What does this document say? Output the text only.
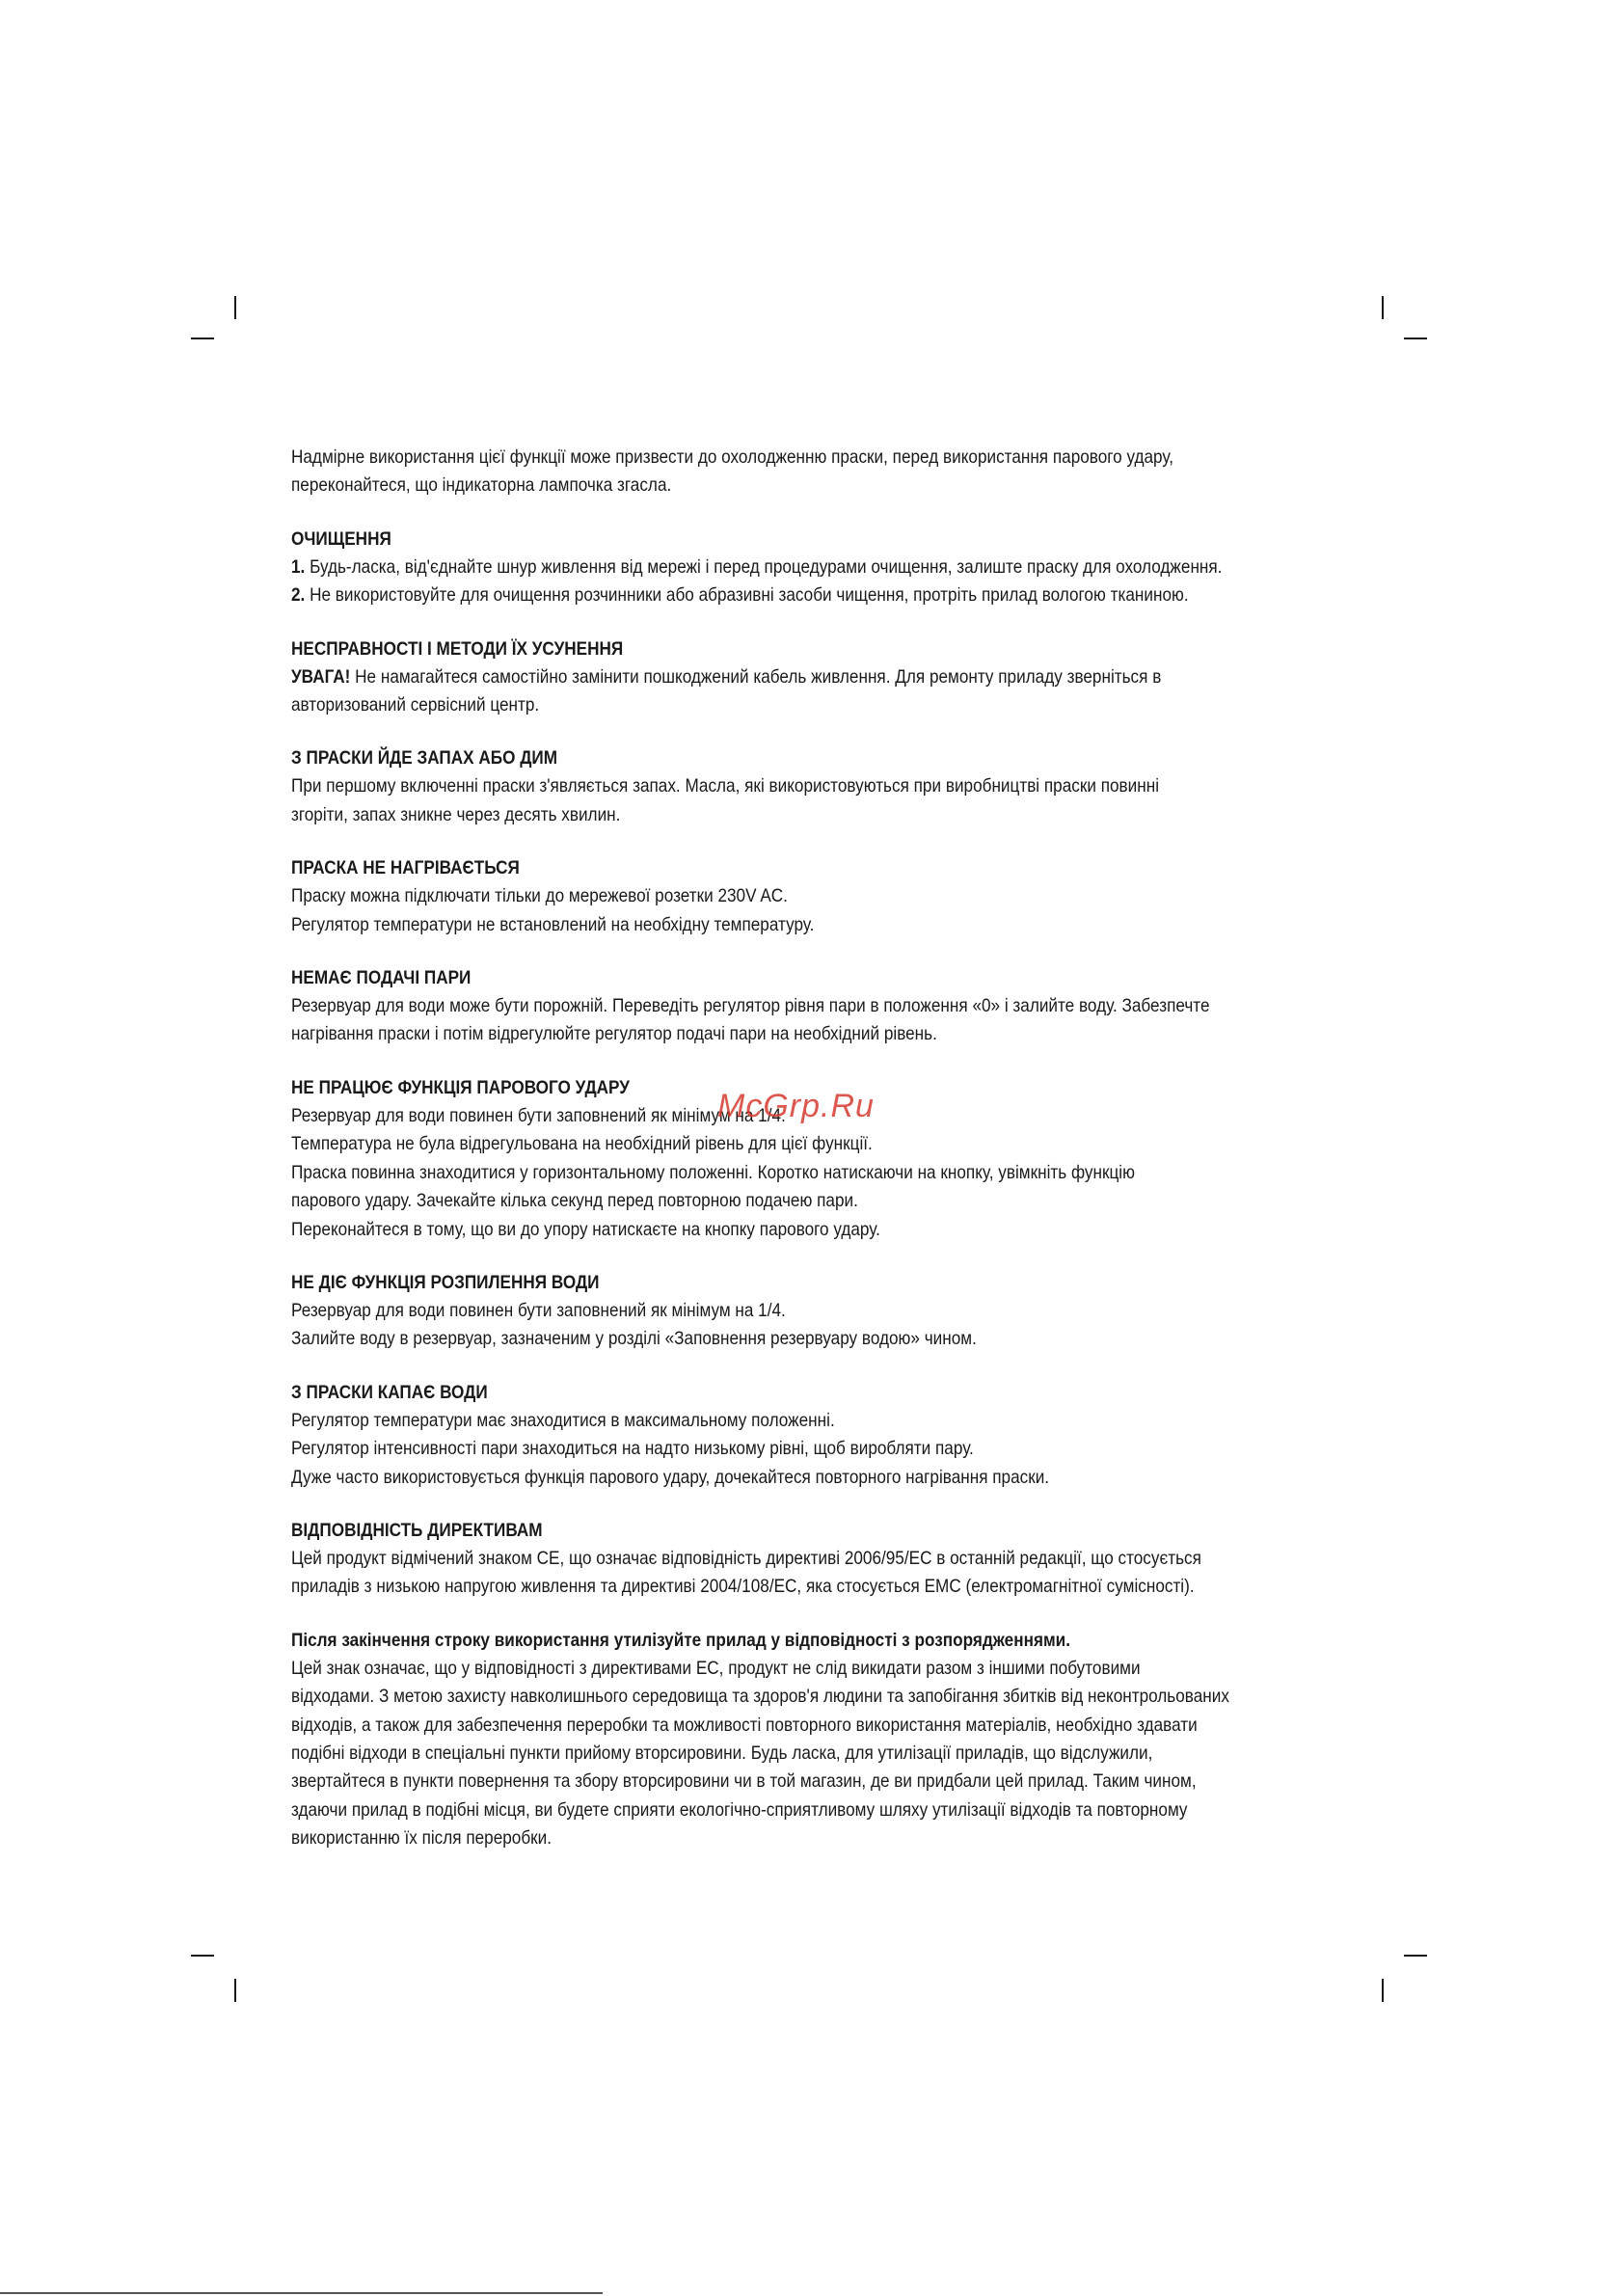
Надмірне використання цієї функції може призвести до охолодженню праски, перед використання парового удару,
переконайтеся, що індикаторна лампочка згасла.
ОЧИЩЕННЯ
1. Будь-ласка, від'єднайте шнур живлення від мережі і перед процедурами очищення, залиште праску для охолодження.
2. Не використовуйте для очищення розчинники або абразивні засоби чищення, протріть прилад вологою тканиною.
НЕСПРАВНОСТІ І МЕТОДИ ЇХ УСУНЕННЯ
УВАГА! Не намагайтеся самостійно замінити пошкоджений кабель живлення. Для ремонту приладу зверніться в
авторизований сервісний центр.
З ПРАСКИ ЙДЕ ЗАПАХ АБО ДИМ
При першому включенні праски з'являється запах. Масла, які використовуються при виробництві праски повинні
згоріти, запах зникне через десять хвилин.
ПРАСКА НЕ НАГРІВАЄТЬСЯ
Праску можна підключати тільки до мережевої розетки 230V AC.
Регулятор температури не встановлений на необхідну температуру.
НЕМАЄ ПОДАЧІ ПАРИ
Резервуар для води може бути порожній. Переведіть регулятор рівня пари в положення «0» і залийте воду. Забезпечте
нагрівання праски і потім відрегулюйте регулятор подачі пари на необхідний рівень.
НЕ ПРАЦЮЄ ФУНКЦІЯ ПАРОВОГО УДАРУ
Резервуар для води повинен бути заповнений як мінімум на 1/4.
Температура не була відрегульована на необхідний рівень для цієї функції.
Праска повинна знаходитися у горизонтальному положенні. Коротко натискаючи на кнопку, увімкніть функцію
парового удару. Зачекайте кілька секунд перед повторною подачею пари.
Переконайтеся в тому, що ви до упору натискаєте на кнопку парового удару.
НЕ ДІЄ ФУНКЦІЯ РОЗПИЛЕННЯ ВОДИ
Резервуар для води повинен бути заповнений як мінімум на 1/4.
Залийте воду в резервуар, зазначеним у розділі «Заповнення резервуару водою» чином.
З ПРАСКИ КАПАЄ ВОДИ
Регулятор температури має знаходитися в максимальному положенні.
Регулятор інтенсивності пари знаходиться на надто низькому рівні, щоб виробляти пару.
Дуже часто використовується функція парового удару, дочекайтеся повторного нагрівання праски.
ВІДПОВІДНІСТЬ ДИРЕКТИВАМ
Цей продукт відмічений знаком CE, що означає відповідність директиві 2006/95/EC в останній редакції, що стосується
приладів з низькою напругою живлення та директиві 2004/108/EC, яка стосується EMC (електромагнітної сумісності).
Після закінчення строку використання утилізуйте прилад у відповідності з розпорядженнями.
Цей знак означає, що у відповідності з директивами ЕС, продукт не слід викидати разом з іншими побутовими
відходами. З метою захисту навколишнього середовища та здоров'я людини та запобігання збитків від неконтрольованих
відходів, а також для забезпечення переробки та можливості повторного використання матеріалів, необхідно здавати
подібні відходи в спеціальні пункти прийому вторсировини. Будь ласка, для утилізації приладів, що відслужили,
звертайтеся в пункти повернення та збору вторсировини чи в той магазин, де ви придбали цей прилад. Таким чином,
здаючи прилад в подібні місця, ви будете сприяти екологічно-сприятливому шляху утилізації відходів та повторному
використанню їх після переробки.
McGrp.Ru
